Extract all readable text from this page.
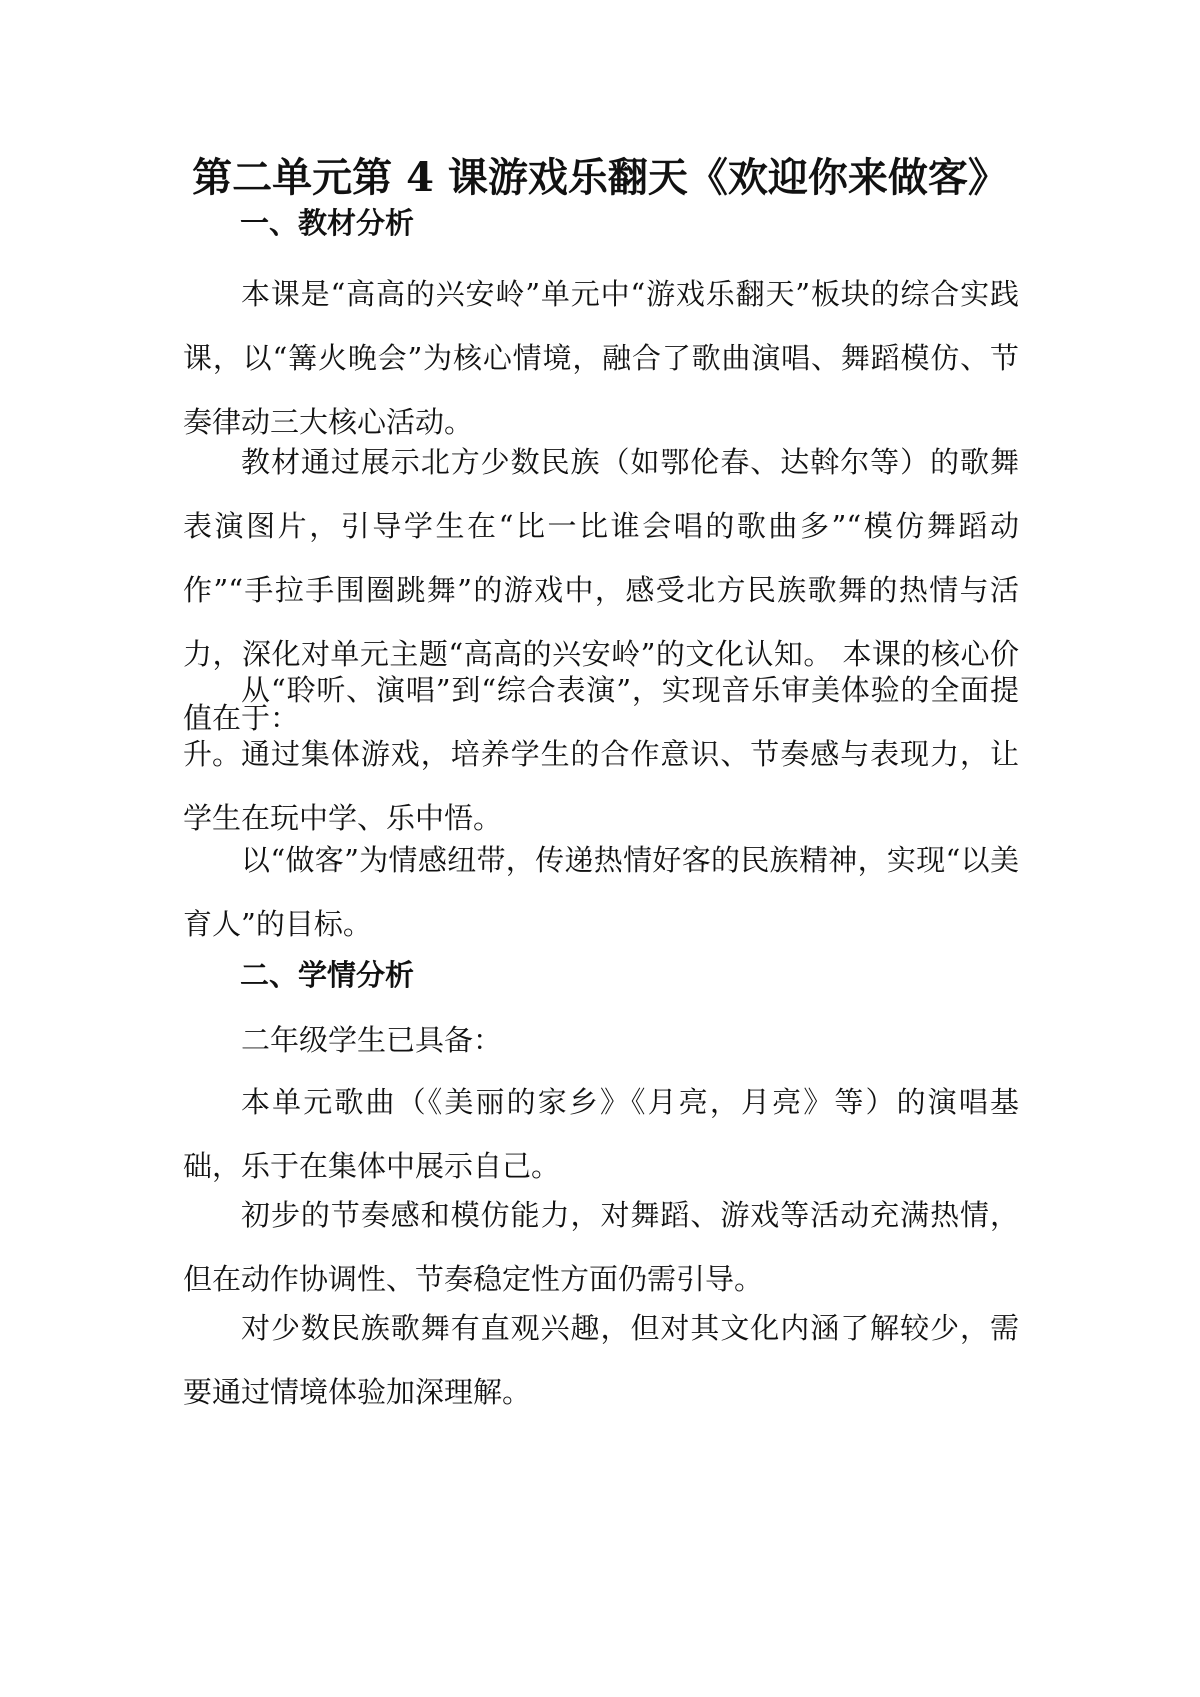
第二单元第 4 课游戏乐翻天《欢迎你来做客》
一、教材分析
本课是“高高的兴安岭”单元中“游戏乐翻天”板块的综合实践课，以“篝火晚会”为核心情境，融合了歌曲演唱、舞蹈模仿、节奏律动三大核心活动。
教材通过展示北方少数民族（如鄂伦春、达斡尔等）的歌舞表演图片，引导学生在“比一比谁会唱的歌曲多”“模仿舞蹈动作”“手拉手围圈跳舞”的游戏中，感受北方民族歌舞的热情与活力，深化对单元主题“高高的兴安岭”的文化认知。 本课的核心价值在于：
从“聆听、演唱”到“综合表演”，实现音乐审美体验的全面提升。 通过集体游戏，培养学生的合作意识、节奏感与表现力，让学生在玩中学、乐中悟。
以“做客”为情感纽带，传递热情好客的民族精神，实现“以美育人”的目标。
二、学情分析
二年级学生已具备：
本单元歌曲（《美丽的家乡》《月亮，月亮》等）的演唱基础，乐于在集体中展示自己。
初步的节奏感和模仿能力，对舞蹈、游戏等活动充满热情，但在动作协调性、节奏稳定性方面仍需引导。
对少数民族歌舞有直观兴趣，但对其文化内涵了解较少，需要通过情境体验加深理解。
